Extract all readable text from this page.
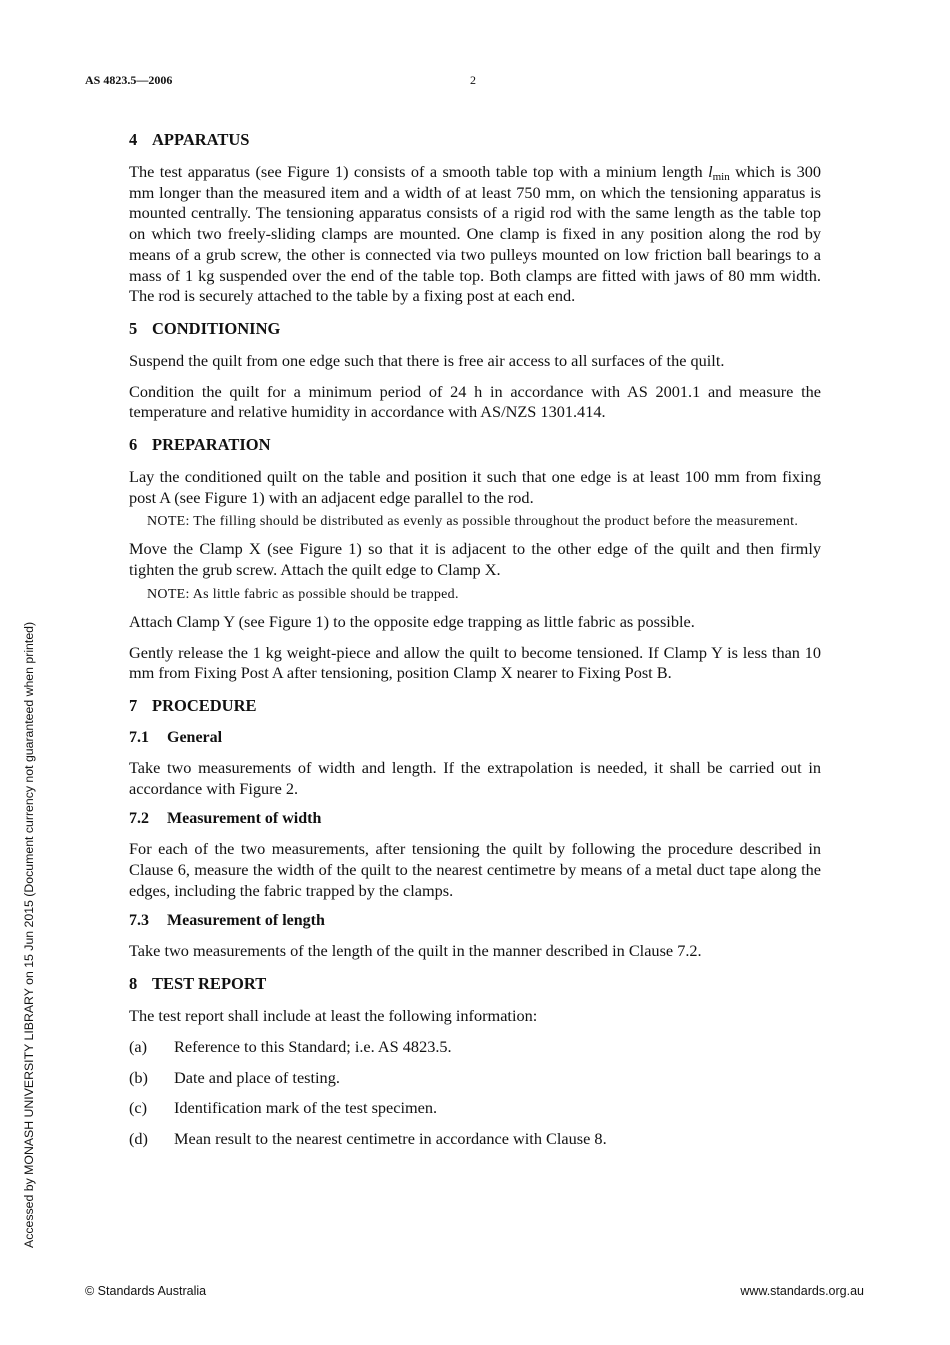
AS 4823.5—2006	2
4 APPARATUS

The test apparatus (see Figure 1) consists of a smooth table top with a minium length $l_{min}$ which is 300 mm longer than the measured item and a width of at least 750 mm, on which the tensioning apparatus is mounted centrally. The tensioning apparatus consists of a rigid rod with the same length as the table top on which two freely-sliding clamps are mounted. One clamp is fixed in any position along the rod by means of a grub screw, the other is connected via two pulleys mounted on low friction ball bearings to a mass of 1 kg suspended over the end of the table top. Both clamps are fitted with jaws of 80 mm width. The rod is securely attached to the table by a fixing post at each end.

5 CONDITIONING

Suspend the quilt from one edge such that there is free air access to all surfaces of the quilt.

Condition the quilt for a minimum period of 24 h in accordance with AS 2001.1 and measure the temperature and relative humidity in accordance with AS/NZS 1301.414.

6 PREPARATION

Lay the conditioned quilt on the table and position it such that one edge is at least 100 mm from fixing post A (see Figure 1) with an adjacent edge parallel to the rod.

NOTE: The filling should be distributed as evenly as possible throughout the product before the measurement.

Move the Clamp X (see Figure 1) so that it is adjacent to the other edge of the quilt and then firmly tighten the grub screw. Attach the quilt edge to Clamp X.

NOTE: As little fabric as possible should be trapped.

Attach Clamp Y (see Figure 1) to the opposite edge trapping as little fabric as possible.

Gently release the 1 kg weight-piece and allow the quilt to become tensioned. If Clamp Y is less than 10 mm from Fixing Post A after tensioning, position Clamp X nearer to Fixing Post B.

7 PROCEDURE
7.1 General

Take two measurements of width and length. If the extrapolation is needed, it shall be carried out in accordance with Figure 2.

7.2 Measurement of width

For each of the two measurements, after tensioning the quilt by following the procedure described in Clause 6, measure the width of the quilt to the nearest centimetre by means of a metal duct tape along the edges, including the fabric trapped by the clamps.

7.3 Measurement of length

Take two measurements of the length of the quilt in the manner described in Clause 7.2.

8 TEST REPORT

The test report shall include at least the following information:

(a)	Reference to this Standard; i.e. AS 4823.5.
(b)	Date and place of testing.
(c)	Identification mark of the test specimen.
(d)	Mean result to the nearest centimetre in accordance with Clause 8.
© Standards Australia	www.standards.org.au
Accessed by MONASH UNIVERSITY LIBRARY on 15 Jun 2015 (Document currency not guaranteed when printed)
